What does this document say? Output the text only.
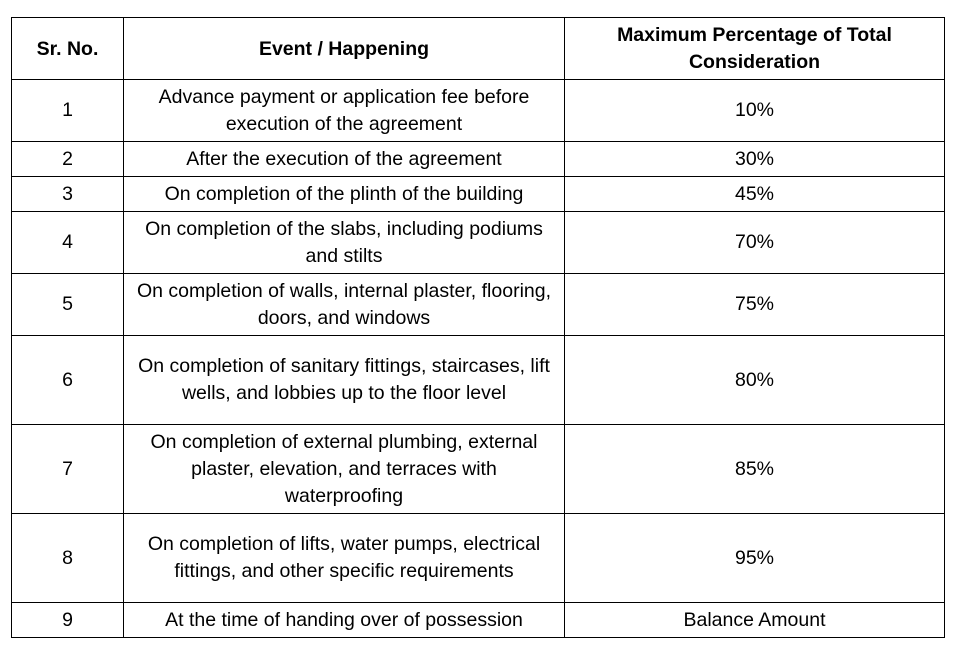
Sr. No.	Event / Happening	Maximum Percentage of Total Consideration
1	Advance payment or application fee before execution of the agreement	10%
2	After the execution of the agreement	30%
3	On completion of the plinth of the building	45%
4	On completion of the slabs, including podiums and stilts	70%
5	On completion of walls, internal plaster, flooring, doors, and windows	75%
6	On completion of sanitary fittings, staircases, lift wells, and lobbies up to the floor level	80%
7	On completion of external plumbing, external plaster, elevation, and terraces with waterproofing	85%
8	On completion of lifts, water pumps, electrical fittings, and other specific requirements	95%
9	At the time of handing over of possession	Balance Amount
